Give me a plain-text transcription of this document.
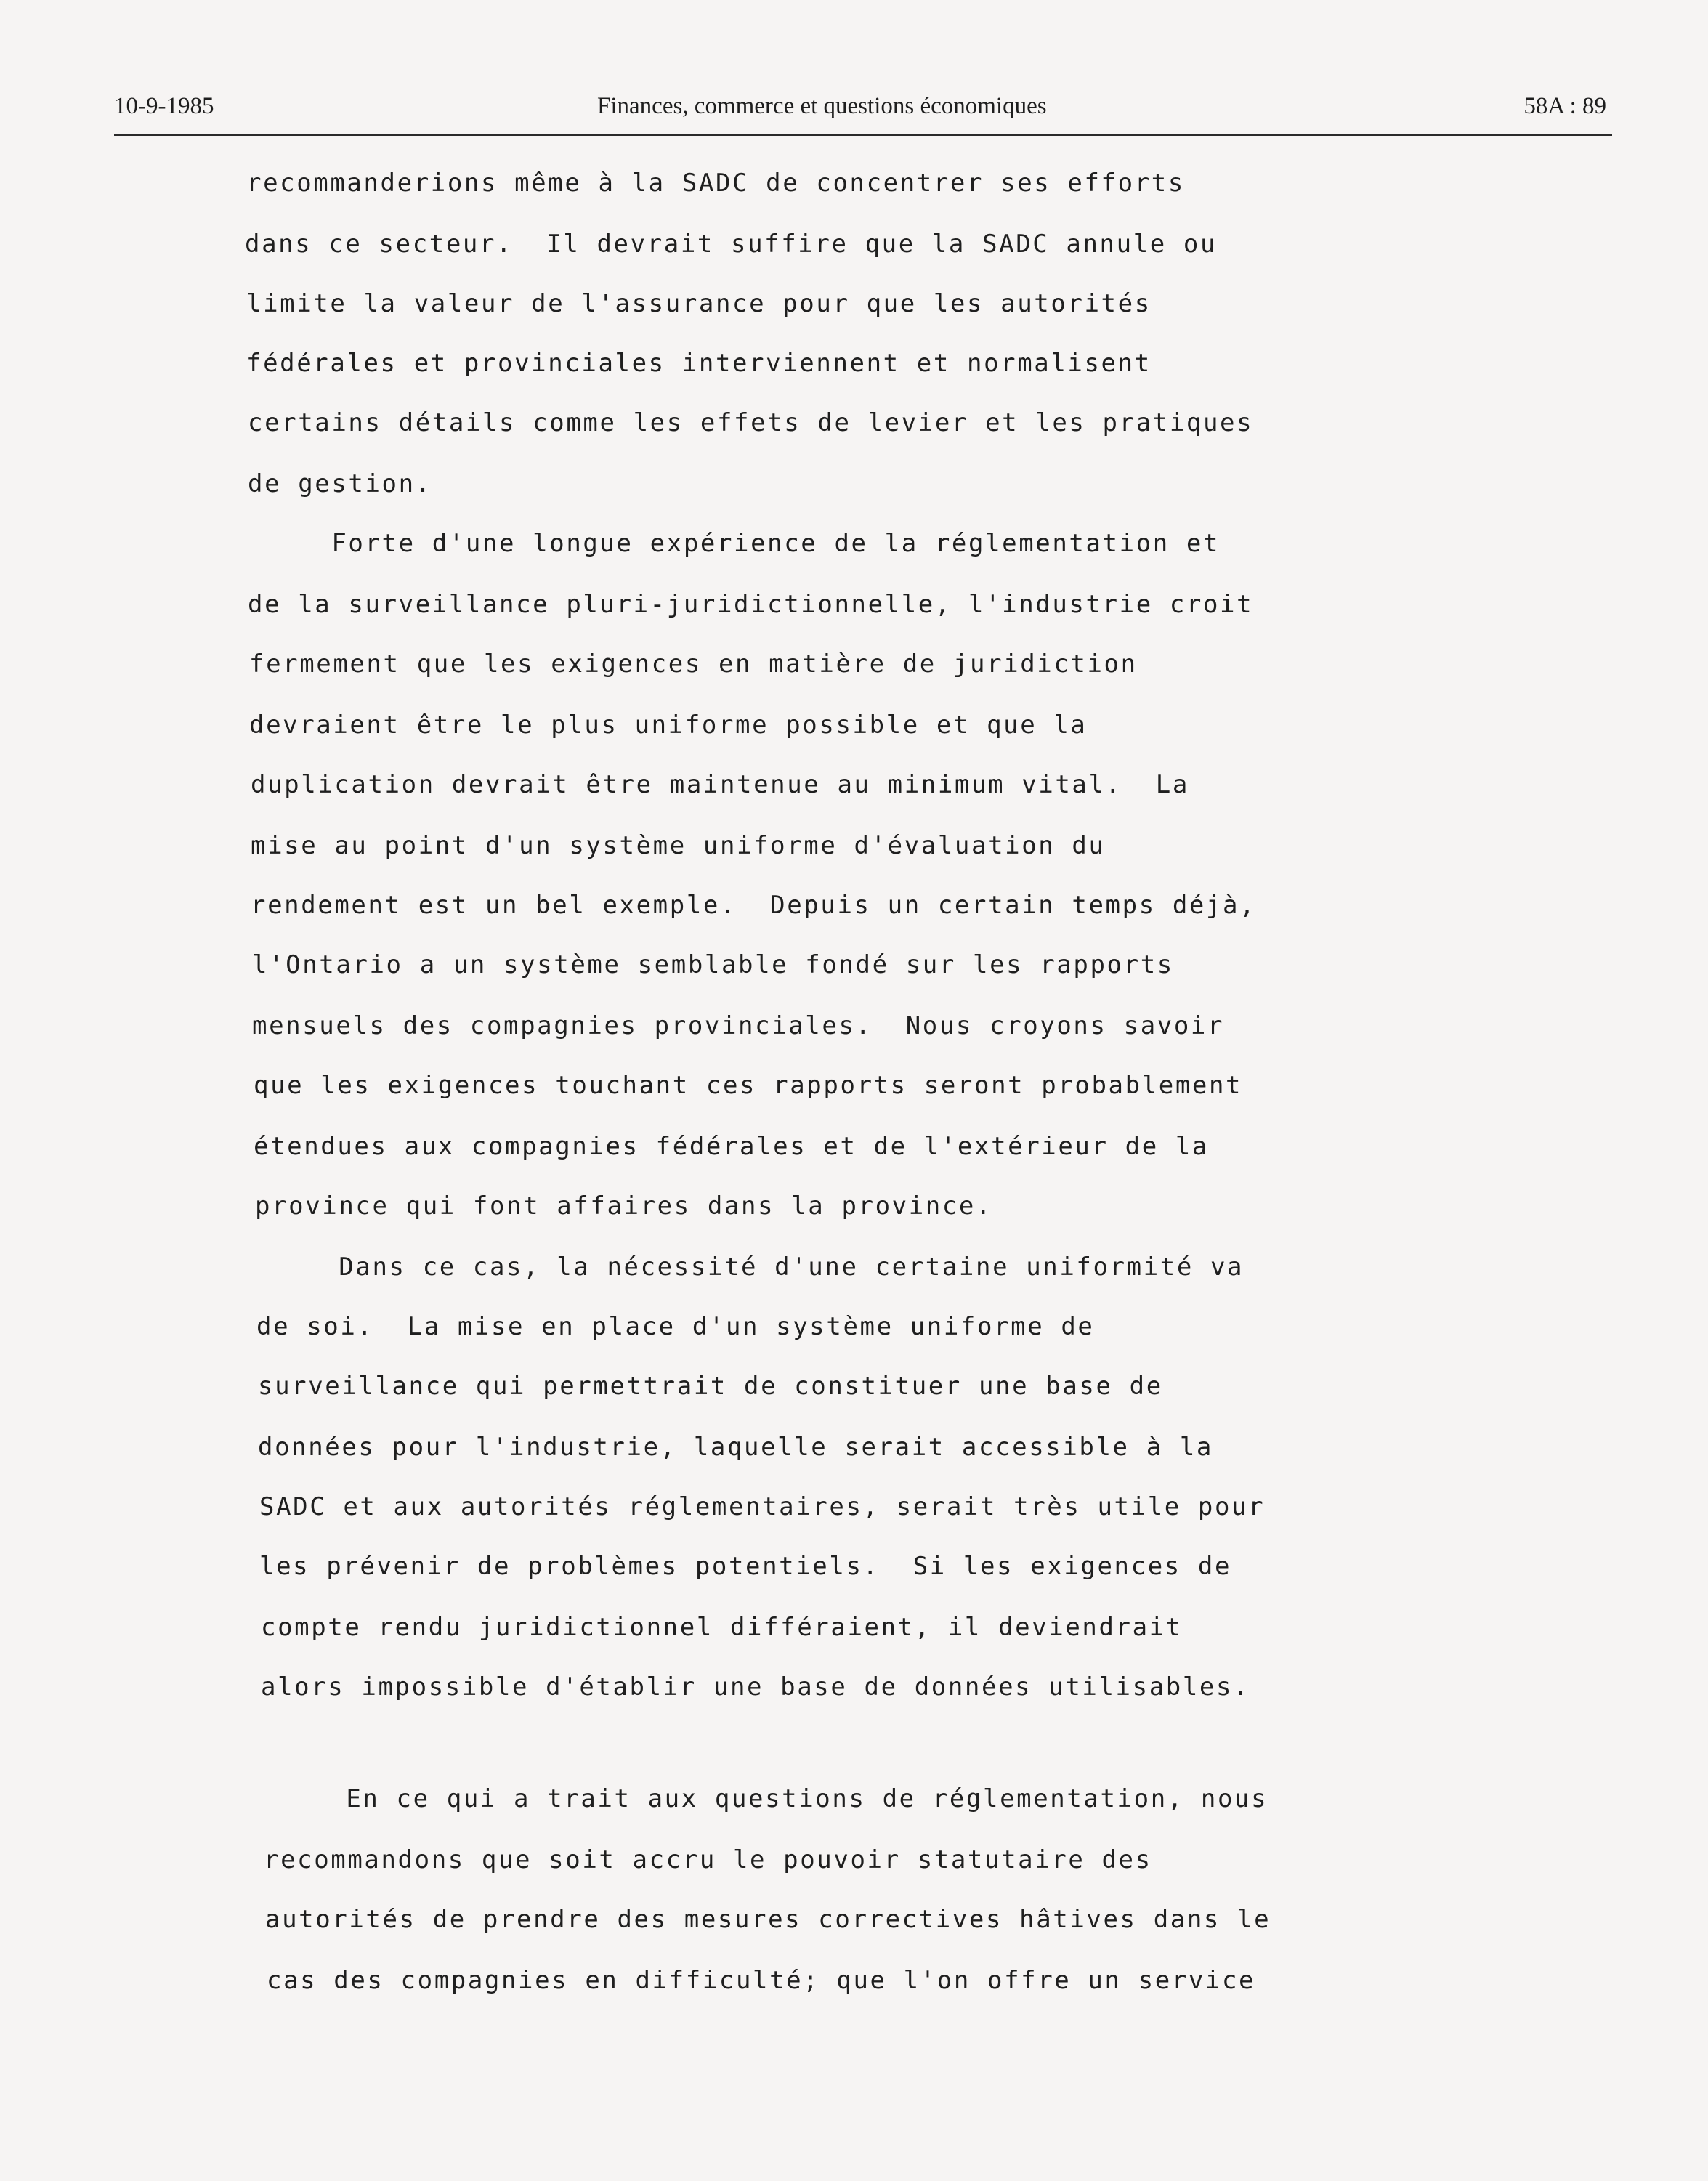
10-9-1985	Finances, commerce et questions économiques	58A : 89
recommanderions même à la SADC de concentrer ses efforts
dans ce secteur.  Il devrait suffire que la SADC annule ou
limite la valeur de l'assurance pour que les autorités
fédérales et provinciales interviennent et normalisent
certains détails comme les effets de levier et les pratiques
de gestion.
Forte d'une longue expérience de la réglementation et
de la surveillance pluri-juridictionnelle, l'industrie croit
fermement que les exigences en matière de juridiction
devraient être le plus uniforme possible et que la
duplication devrait être maintenue au minimum vital.  La
mise au point d'un système uniforme d'évaluation du
rendement est un bel exemple.  Depuis un certain temps déjà,
l'Ontario a un système semblable fondé sur les rapports
mensuels des compagnies provinciales.  Nous croyons savoir
que les exigences touchant ces rapports seront probablement
étendues aux compagnies fédérales et de l'extérieur de la
province qui font affaires dans la province.
Dans ce cas, la nécessité d'une certaine uniformité va
de soi.  La mise en place d'un système uniforme de
surveillance qui permettrait de constituer une base de
données pour l'industrie, laquelle serait accessible à la
SADC et aux autorités réglementaires, serait très utile pour
les prévenir de problèmes potentiels.  Si les exigences de
compte rendu juridictionnel différaient, il deviendrait
alors impossible d'établir une base de données utilisables.
En ce qui a trait aux questions de réglementation, nous
recommandons que soit accru le pouvoir statutaire des
autorités de prendre des mesures correctives hâtives dans le
cas des compagnies en difficulté; que l'on offre un service
